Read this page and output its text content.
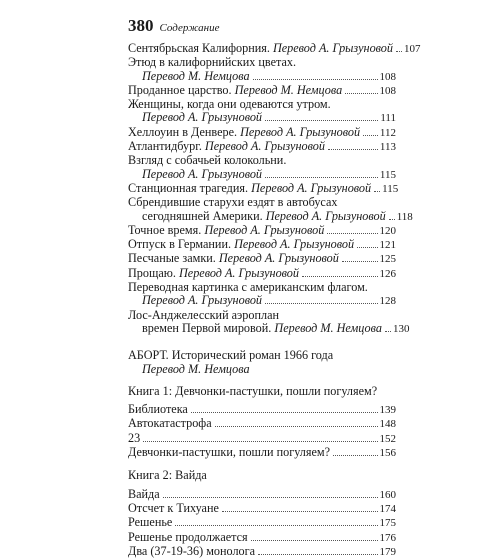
380 Содержание
Сентябрьская Калифорния. Перевод А. Грызуновой 107
Этюд в калифорнийских цветах.
Перевод М. Немцова	108
Проданное царство. Перевод М. Немцова	108
Женщины, когда они одеваются утром.
Перевод А. Грызуновой	111
Хеллоуин в Денвере. Перевод А. Грызуновой 112
Атлантидбург. Перевод А. Грызуновой	113
Взгляд с собачьей колокольни.
Перевод А. Грызуновой	115
Станционная трагедия. Перевод А. Грызуновой 115
Сбрендившие старухи ездят в автобусах
сегодняшней Америки. Перевод А. Грызуновой 118
Точное время. Перевод А. Грызуновой	120
Отпуск в Германии. Перевод А. Грызуновой 121
Песчаные замки. Перевод А. Грызуновой	125
Прощаю. Перевод А. Грызуновой	126
Переводная картинка с американским флагом.
Перевод А. Грызуновой	128
Лос-Анджелесский аэроплан
времен Первой мировой. Перевод М. Немцова 130
АБОРТ. Исторический роман 1966 года
Перевод М. Немцова
Книга 1: Девчонки-пастушки, пошли погуляем?
Библиотека	139
Автокатастрофа	148
23	152
Девчонки-пастушки, пошли погуляем?	156
Книга 2: Вайда
Вайда	160
Отсчет к Тихуане	174
Решенье	175
Решенье продолжается	176
Два (37-19-36) монолога	179
